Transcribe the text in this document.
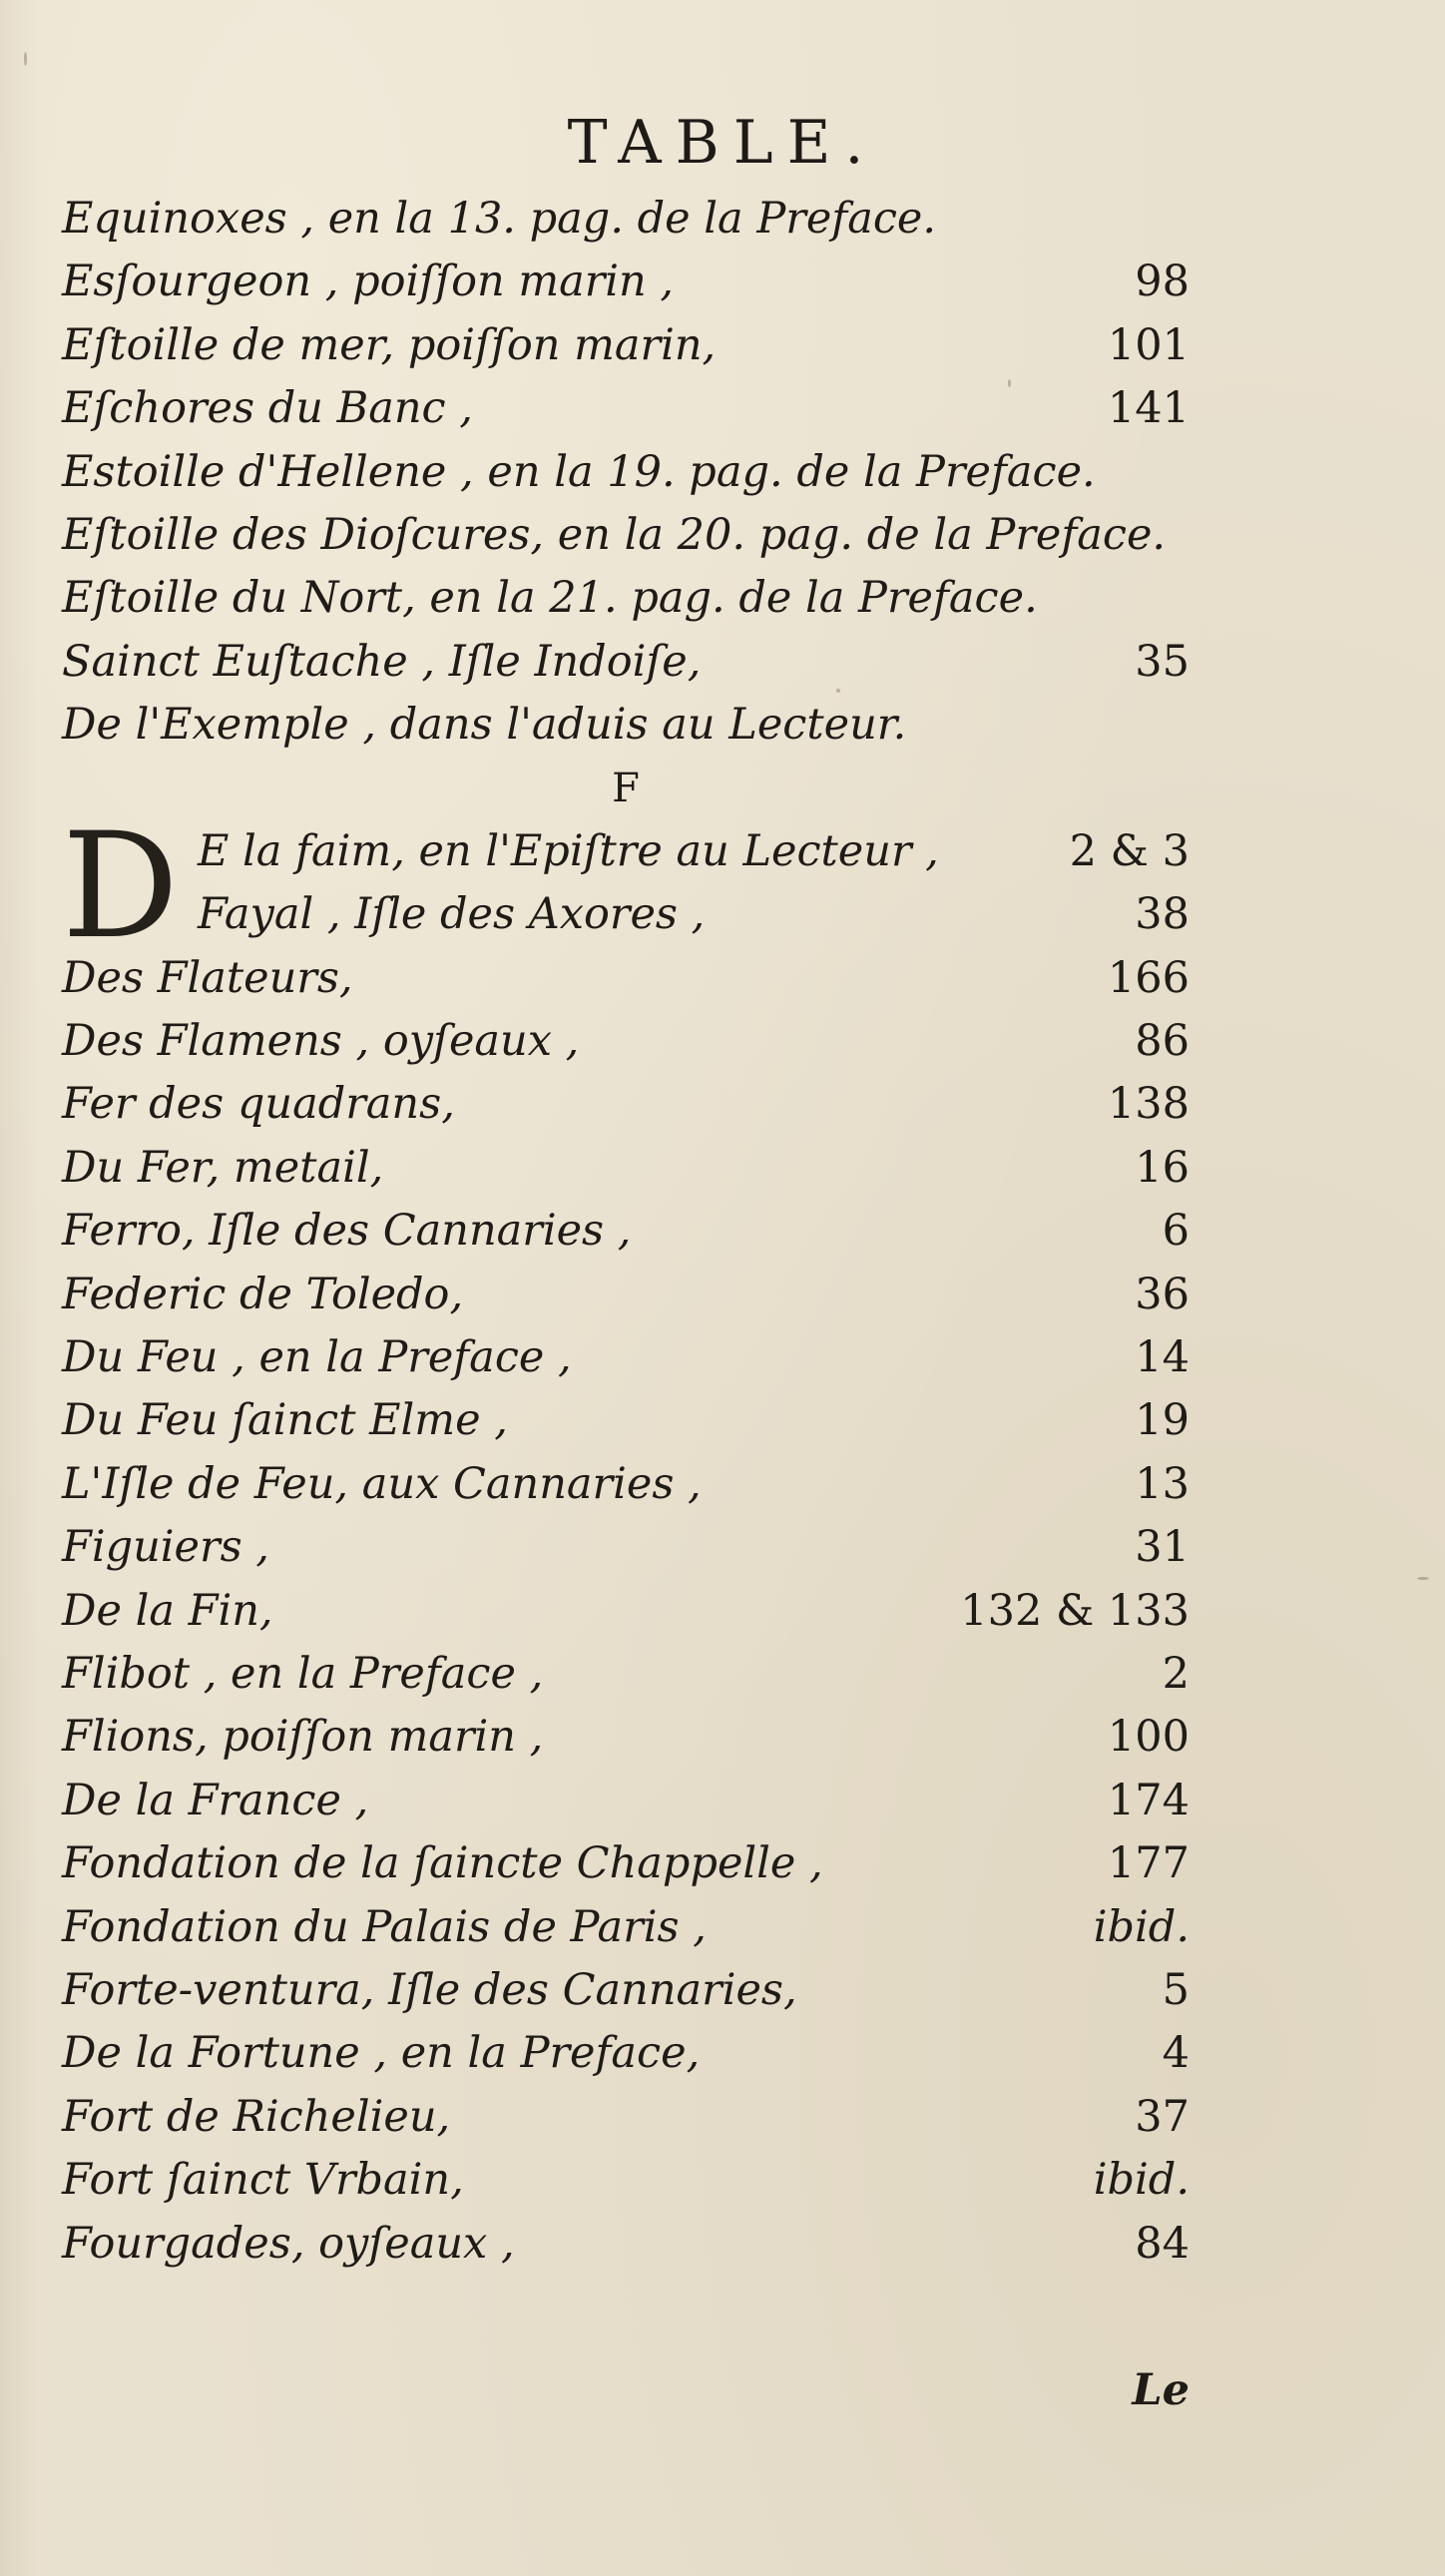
TABLE.
Equinoxes , en la 13. pag. de la Preface.
Esſourgeon , poiſſon marin ,	98
Eſtoille de mer, poiſſon marin,	101
Eſchores du Banc ,	141
Estoille d'Hellene , en la 19. pag. de la Preface.
Eſtoille des Dioſcures, en la 20. pag. de la Preface.
Eſtoille du Nort, en la 21. pag. de la Preface.
Sainct Euſtache , Iſle Indoiſe,	35
De l'Exemple , dans l'aduis au Lecteur.
F
D E la faim, en l'Epiſtre au Lecteur ,	2 & 3
Fayal , Iſle des Axores ,	38
Des Flateurs,	166
Des Flamens , oyſeaux ,	86
Fer des quadrans,	138
Du Fer, metail,	16
Ferro, Iſle des Cannaries ,	6
Federic de Toledo,	36
Du Feu , en la Preface ,	14
Du Feu ſainct Elme ,	19
L'Iſle de Feu, aux Cannaries ,	13
Figuiers ,	31
De la Fin,	132 & 133
Flibot , en la Preface ,	2
Flions, poiſſon marin ,	100
De la France ,	174
Fondation de la ſaincte Chappelle ,	177
Fondation du Palais de Paris ,	ibid.
Forte-ventura, Iſle des Cannaries,	5
De la Fortune , en la Preface,	4
Fort de Richelieu,	37
Fort ſainct Vrbain,	ibid.
Fourgades, oyſeaux ,	84
Le
